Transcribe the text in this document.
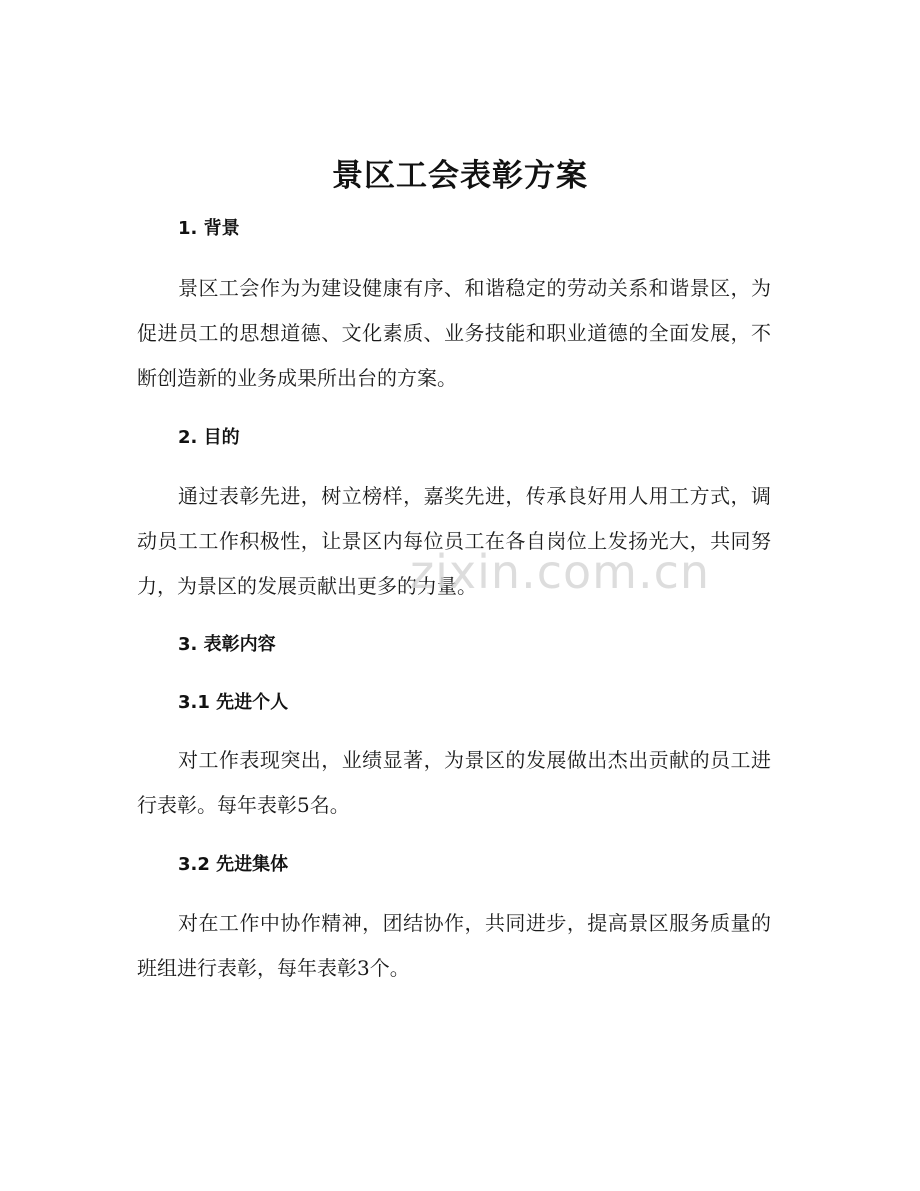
景区工会表彰方案
1. 背景
景区工会作为为建设健康有序、和谐稳定的劳动关系和谐景区，为促进员工的思想道德、文化素质、业务技能和职业道德的全面发展，不断创造新的业务成果所出台的方案。
2. 目的
通过表彰先进，树立榜样，嘉奖先进，传承良好用人用工方式，调动员工工作积极性，让景区内每位员工在各自岗位上发扬光大，共同努力，为景区的发展贡献出更多的力量。
3. 表彰内容
3.1 先进个人
对工作表现突出，业绩显著，为景区的发展做出杰出贡献的员工进行表彰。每年表彰5名。
3.2 先进集体
对在工作中协作精神，团结协作，共同进步，提高景区服务质量的班组进行表彰，每年表彰3个。
zixin.com.cn
